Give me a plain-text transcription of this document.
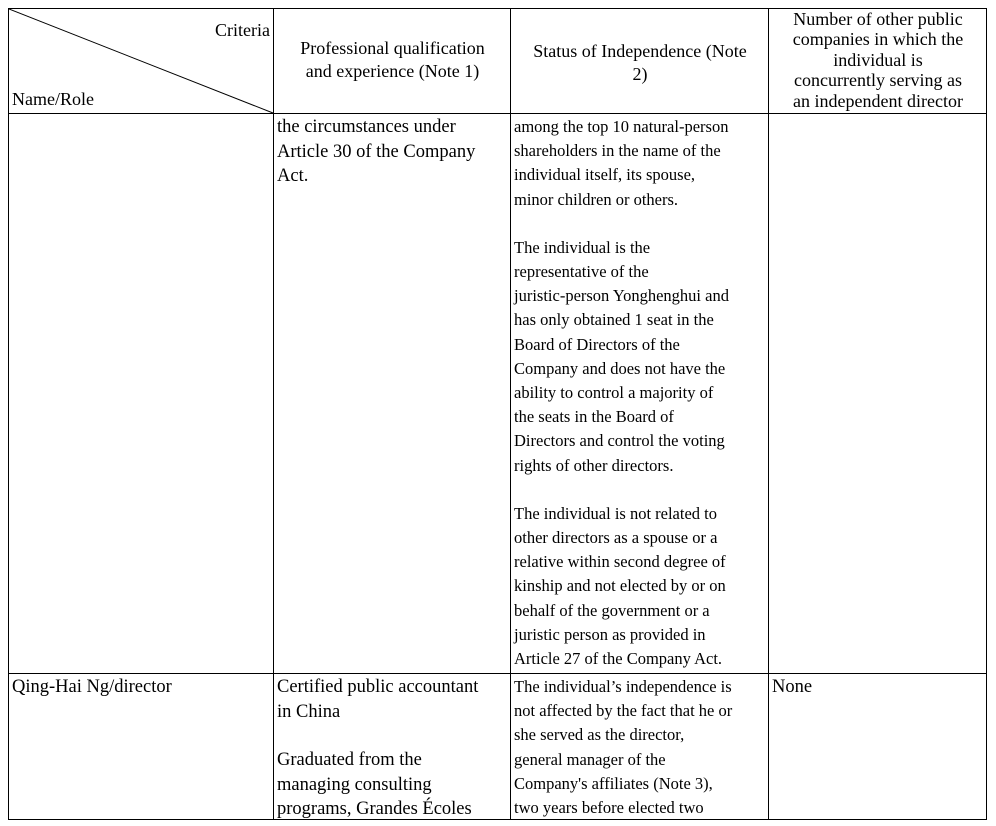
Criteria
Name/Role
Professional qualification
and experience (Note 1)
Status of Independence (Note
2)
Number of other public
companies in which the
individual is
concurrently serving as
an independent director
the circumstances under
Article 30 of the Company
Act.
among the top 10 natural-person
shareholders in the name of the
individual itself, its spouse,
minor children or others.
The individual is the
representative of the
juristic-person Yonghenghui and
has only obtained 1 seat in the
Board of Directors of the
Company and does not have the
ability to control a majority of
the seats in the Board of
Directors and control the voting
rights of other directors.
The individual is not related to
other directors as a spouse or a
relative within second degree of
kinship and not elected by or on
behalf of the government or a
juristic person as provided in
Article 27 of the Company Act.
Qing-Hai Ng/director	Certified public accountant
in China
Graduated from the
managing consulting
programs, Grandes Écoles
The individual’s independence is
not affected by the fact that he or
she served as the director,
general manager of the
Company's affiliates (Note 3),
two years before elected two
None
